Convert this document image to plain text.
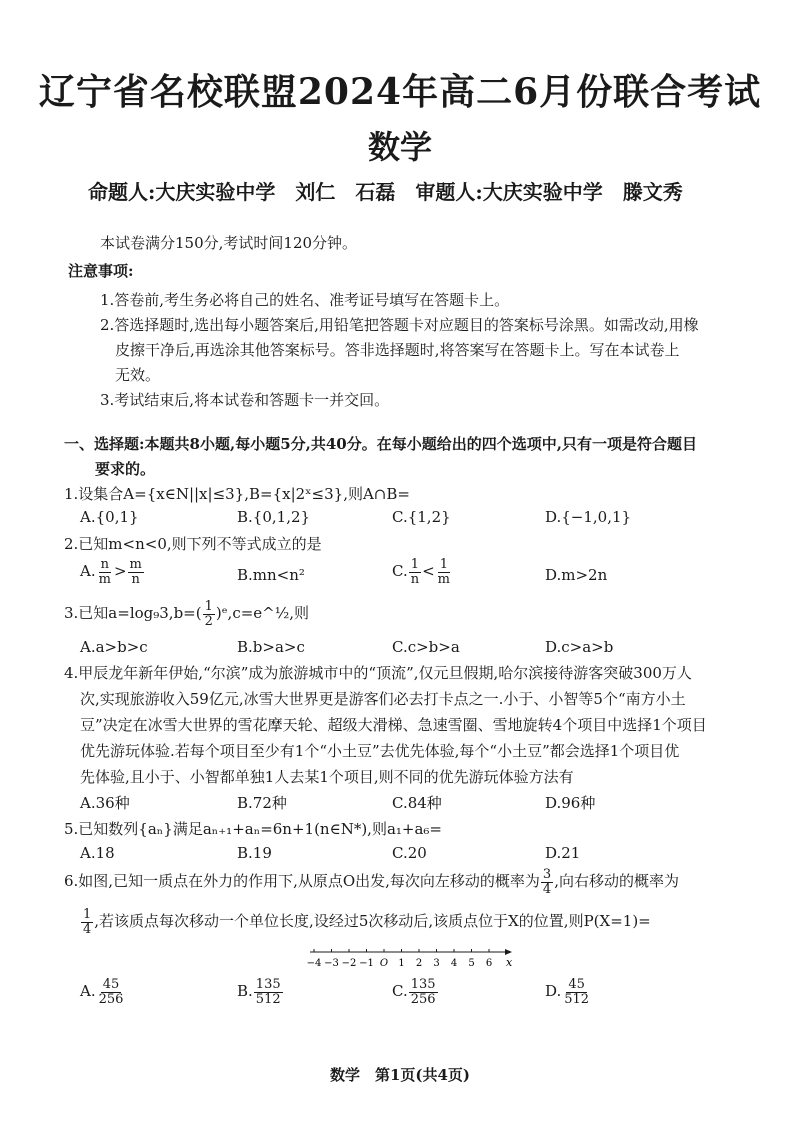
辽宁省名校联盟2024年高二6月份联合考试
数学
命题人:大庆实验中学　刘仁　石磊　审题人:大庆实验中学　滕文秀
本试卷满分150分,考试时间120分钟。
注意事项:
1.答卷前,考生务必将自己的姓名、准考证号填写在答题卡上。
2.答选择题时,选出每小题答案后,用铅笔把答题卡对应题目的答案标号涂黑。如需改动,用橡
皮擦干净后,再选涂其他答案标号。答非选择题时,将答案写在答题卡上。写在本试卷上
无效。
3.考试结束后,将本试卷和答题卡一并交回。
一、选择题:本题共8小题,每小题5分,共40分。在每小题给出的四个选项中,只有一项是符合题目
要求的。
1.设集合A={x∈N||x|≤3},B={x|2ˣ≤3},则A∩B=
A.{0,1}	B.{0,1,2}	C.{1,2}	D.{−1,0,1}
2.已知m<n<0,则下列不等式成立的是
A. $\frac{n}{m} > \frac{m}{n}$	B.mn<n²	C. $\frac{1}{n} < \frac{1}{m}$	D.m>2n
3.已知$a=\log_93,b=( \frac{1}{2}$ )ᵉ,c=e^½,则
A.a>b>c	B.b>a>c	C.c>b>a	D.c>a>b
4.甲辰龙年新年伊始,“尔滨”成为旅游城市中的“顶流”,仅元旦假期,哈尔滨接待游客突破300万人
次,实现旅游收入59亿元,冰雪大世界更是游客们必去打卡点之一.小于、小智等5个“南方小土
豆”决定在冰雪大世界的雪花摩天轮、超级大滑梯、急速雪圈、雪地旋转4个项目中选择1个项目
优先游玩体验.若每个项目至少有1个“小土豆”去优先体验,每个“小土豆”都会选择1个项目优
先体验,且小于、小智都单独1人去某1个项目,则不同的优先游玩体验方法有
A.36种	B.72种	C.84种	D.96种
5.已知数列{aₙ}满足aₙ₊₁+aₙ=6n+1(n∈N*),则a₁+a₆=
A.18	B.19	C.20	D.21
6.如图,已知一质点在外力的作用下,从原点O出发,每次向左移动的概率为 $\frac{3}{4}$ ,向右移动的概率为
$\frac{1}{4}$ ,若该质点每次移动一个单位长度,设经过5次移动后,该质点位于X的位置,则P(X=1)=
−4 −3 −2 −1 O 1 2 3 4 5 6 x
A. $\frac{45}{256}$	B. $\frac{135}{512}$	C. $\frac{135}{256}$	D. $\frac{45}{512}$
数学　第1页(共4页)
